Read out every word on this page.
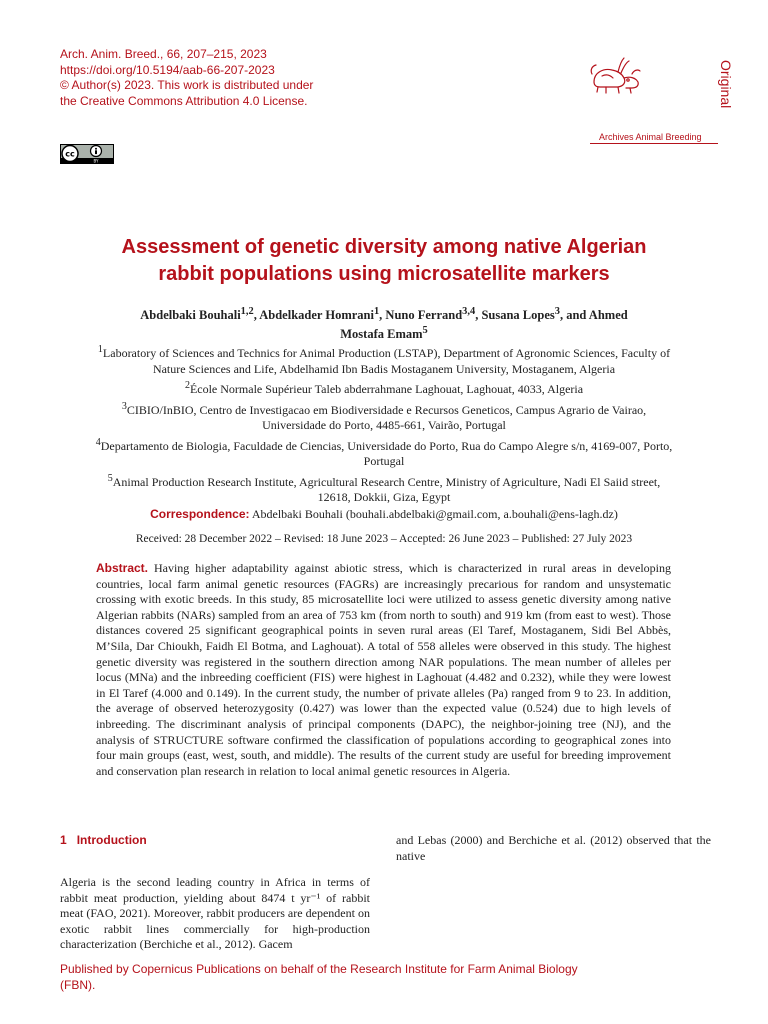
Arch. Anim. Breed., 66, 207–215, 2023
https://doi.org/10.5194/aab-66-207-2023
© Author(s) 2023. This work is distributed under
the Creative Commons Attribution 4.0 License.
cc
BY
Archives Animal Breeding
Original
Assessment of genetic diversity among native Algerian
rabbit populations using microsatellite markers
Abdelbaki Bouhali$^{1,2}$, Abdelkader Homrani$^1$, Nuno Ferrand$^{3,4}$, Susana Lopes$^3$, and Ahmed Mostafa Emam$^5$

$^1$Laboratory of Sciences and Technics for Animal Production (LSTAP), Department of Agronomic Sciences, Faculty of Nature Sciences and Life, Abdelhamid Ibn Badis Mostaganem University, Mostaganem, Algeria

$^2$École Normale Supérieur Taleb abderrahmane Laghouat, Laghouat, 4033, Algeria

$^3$CIBIO/InBIO, Centro de Investigacao em Biodiversidade e Recursos Geneticos, Campus Agrario de Vairao, Universidade do Porto, 4485-661, Vairão, Portugal

$^4$Departamento de Biologia, Faculdade de Ciencias, Universidade do Porto, Rua do Campo Alegre s/n, 4169-007, Porto, Portugal

$^5$Animal Production Research Institute, Agricultural Research Centre, Ministry of Agriculture, Nadi El Saiid street, 12618, Dokkii, Giza, Egypt

Correspondence: Abdelbaki Bouhali (bouhali.abdelbaki@gmail.com, a.bouhali@ens-lagh.dz)
Received: 28 December 2022 – Revised: 18 June 2023 – Accepted: 26 June 2023 – Published: 27 July 2023
Abstract. Having higher adaptability against abiotic stress, which is characterized in rural areas in developing countries, local farm animal genetic resources (FAGRs) are increasingly precarious for random and unsystematic crossing with exotic breeds. In this study, 85 microsatellite loci were utilized to assess genetic diversity among native Algerian rabbits (NARs) sampled from an area of 753 km (from north to south) and 919 km (from east to west). Those distances covered 25 significant geographical points in seven rural areas (El Taref, Mostaganem, Sidi Bel Abbès, M’Sila, Dar Chioukh, Faidh El Botma, and Laghouat). A total of 558 alleles were observed in this study. The highest genetic diversity was registered in the southern direction among NAR populations. The mean number of alleles per locus (MNa) and the inbreeding coefficient (FIS) were highest in Laghouat (4.482 and 0.232), while they were lowest in El Taref (4.000 and 0.149). In the current study, the number of private alleles (Pa) ranged from 9 to 23. In addition, the average of observed heterozygosity (0.427) was lower than the expected value (0.524) due to high levels of inbreeding. The discriminant analysis of principal components (DAPC), the neighbor-joining tree (NJ), and the analysis of STRUCTURE software confirmed the classification of populations according to geographical zones into four main groups (east, west, south, and middle). The results of the current study are useful for breeding improvement and conservation plan research in relation to local animal genetic resources in Algeria.
1 Introduction
Algeria is the second leading country in Africa in terms of rabbit meat production, yielding about 8474 t yr⁻¹ of rabbit meat (FAO, 2021). Moreover, rabbit producers are dependent on exotic rabbit lines commercially for high-production characterization (Berchiche et al., 2012). Gacem
and Lebas (2000) and Berchiche et al. (2012) observed that the native
Published by Copernicus Publications on behalf of the Research Institute for Farm Animal Biology
(FBN).
